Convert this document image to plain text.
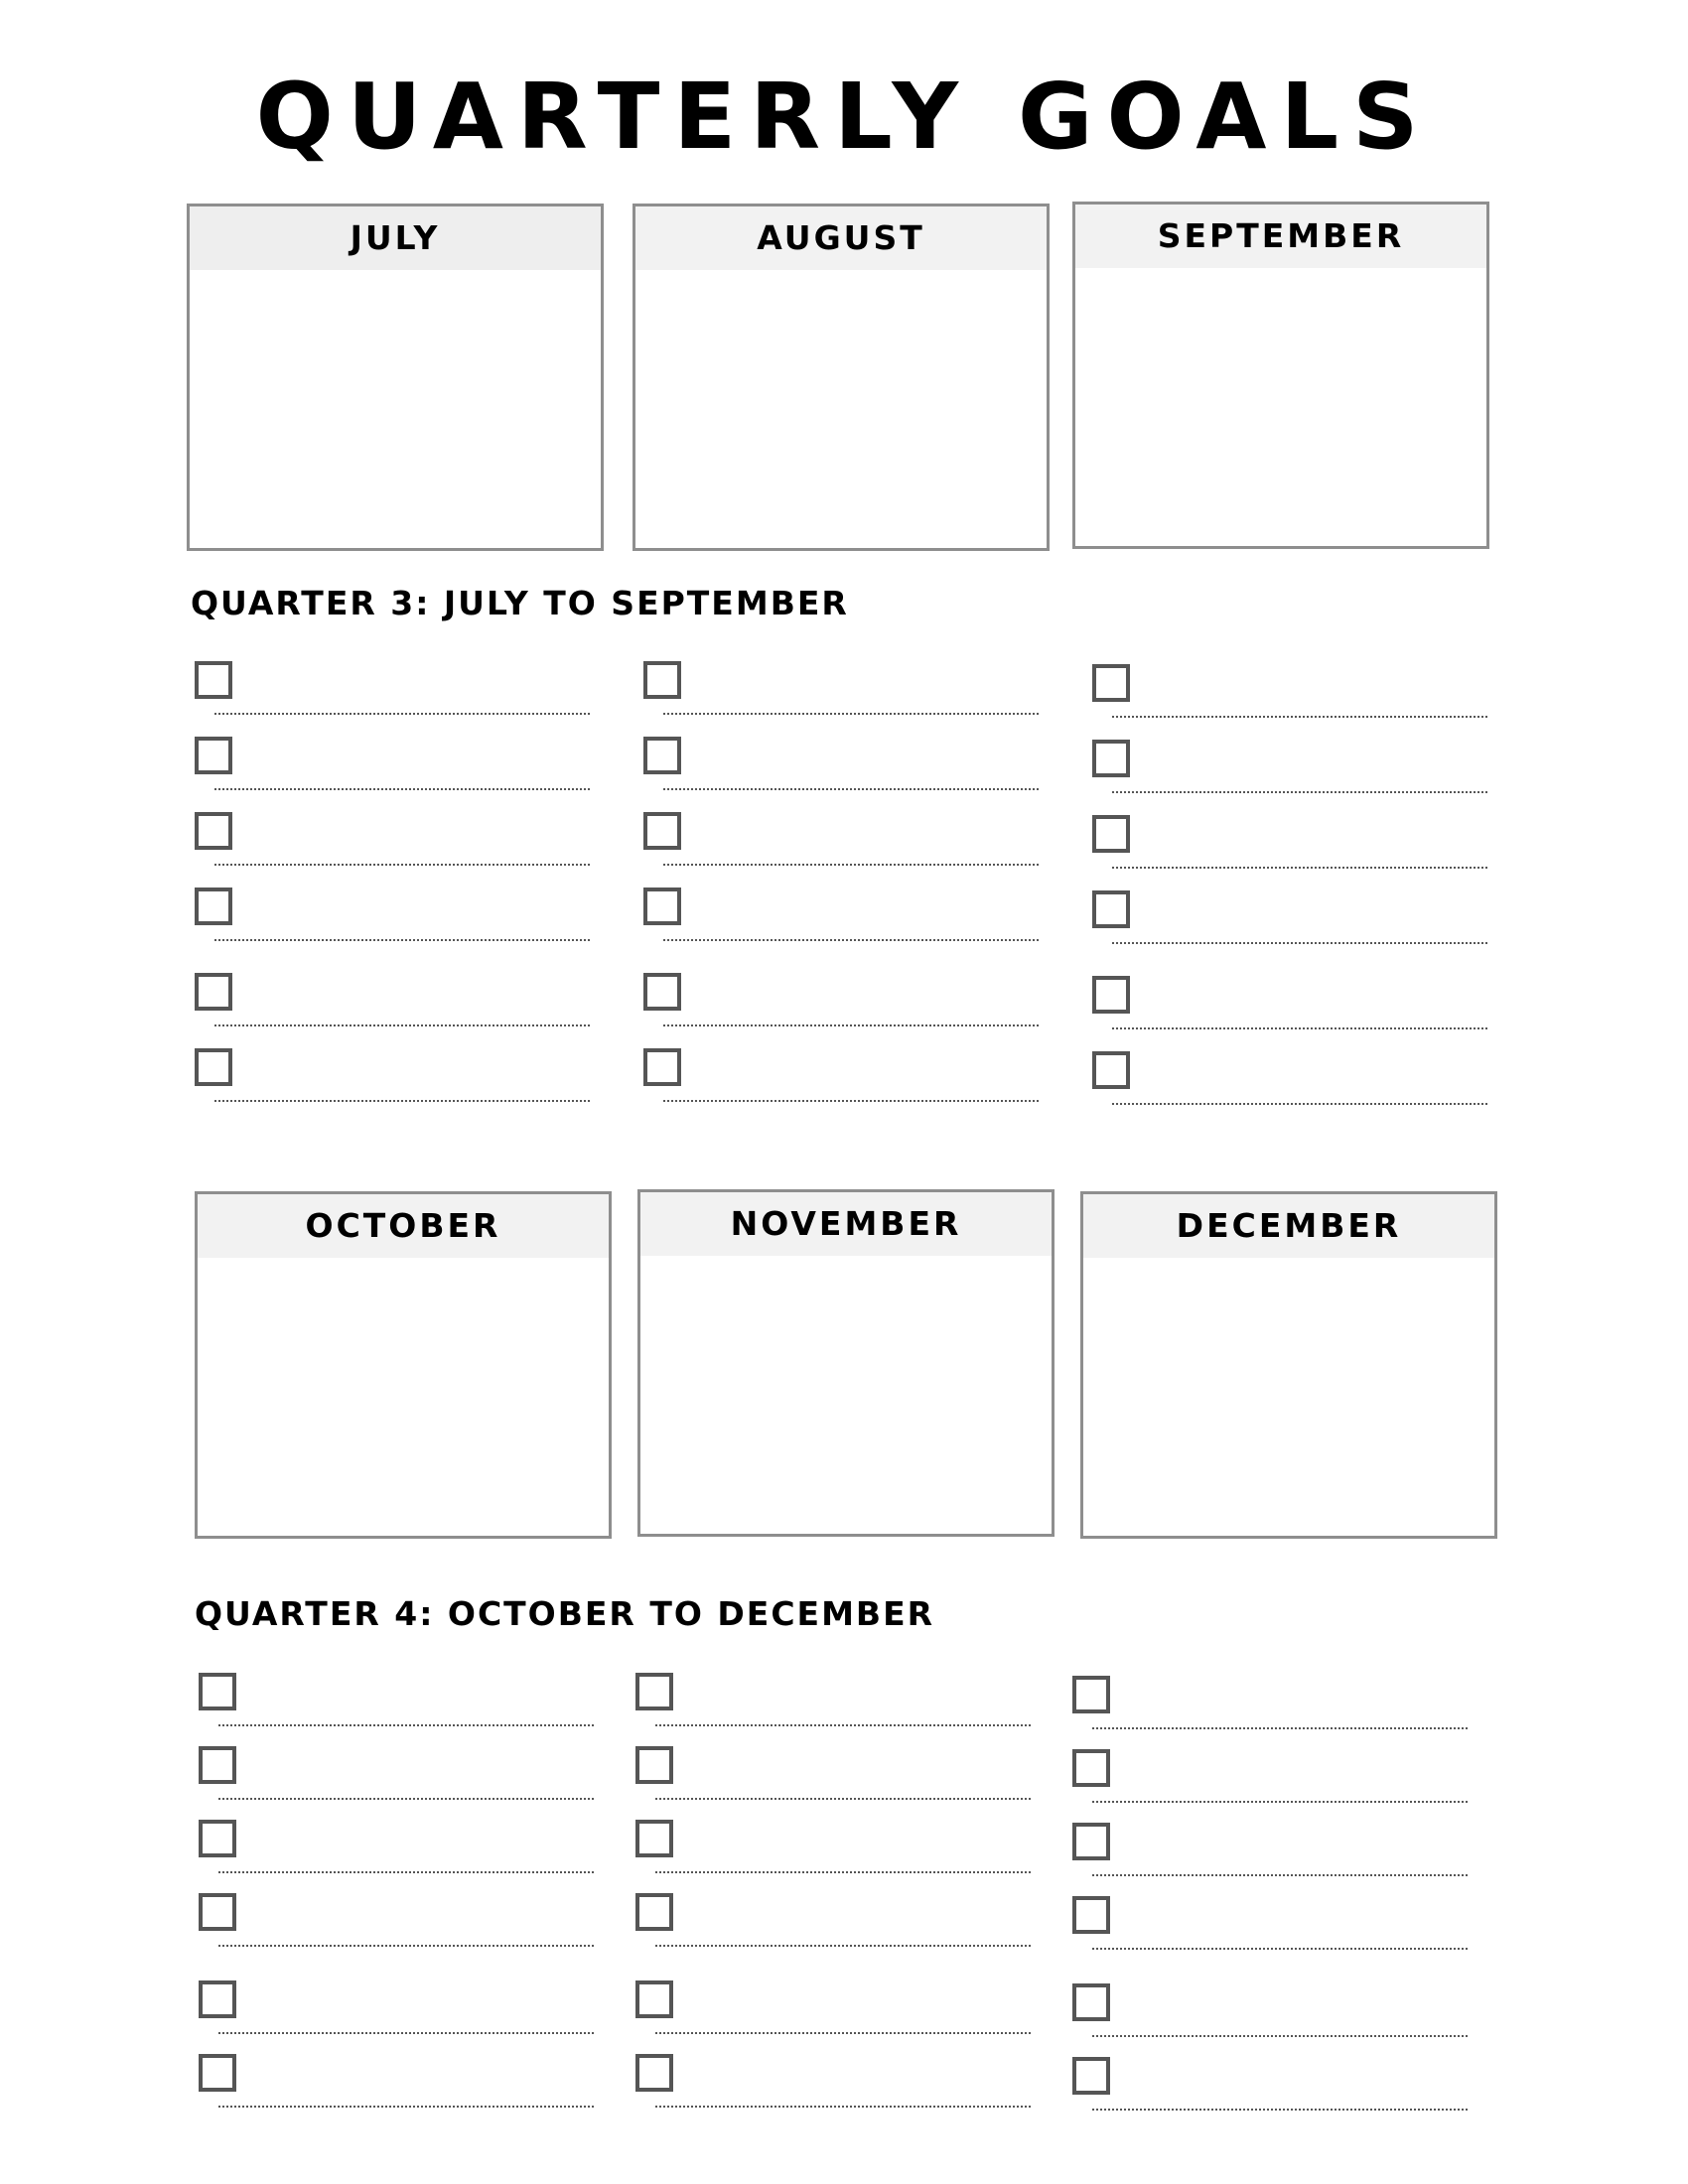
QUARTERLY GOALS
JULY	AUGUST	SEPTEMBER
QUARTER 3: JULY TO SEPTEMBER
OCTOBER	NOVEMBER	DECEMBER
QUARTER 4: OCTOBER TO DECEMBER
